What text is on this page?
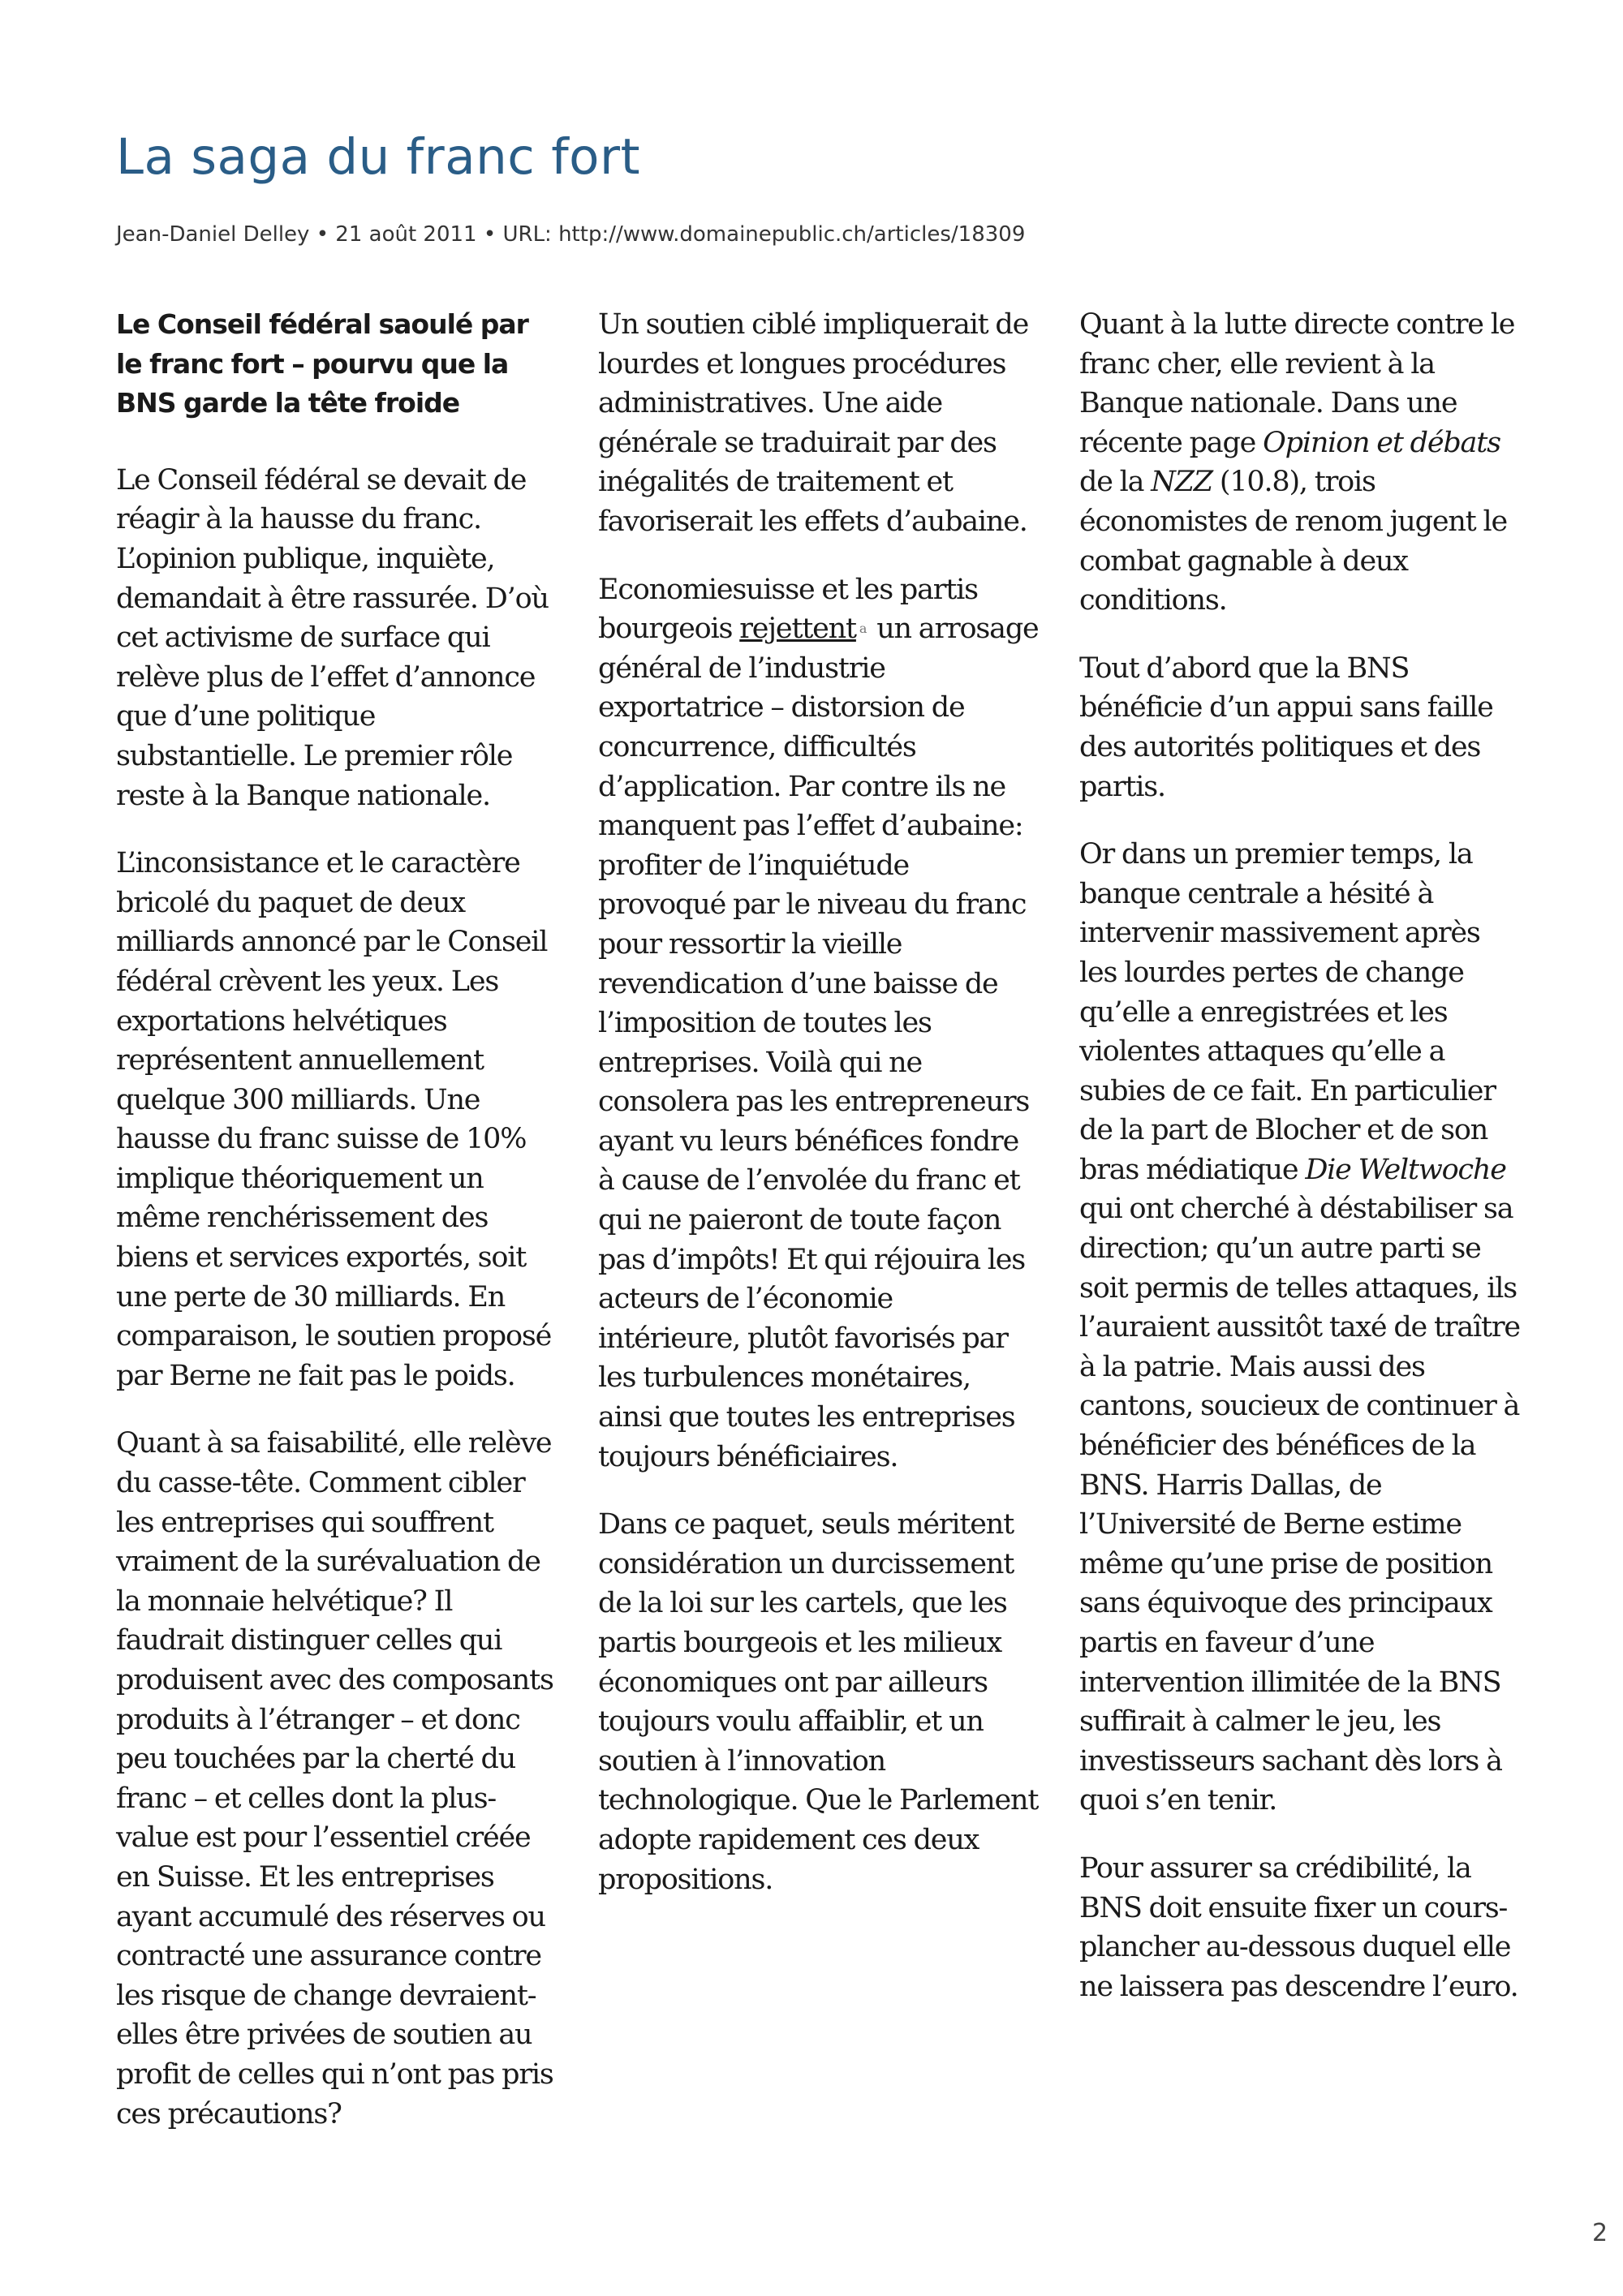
La saga du franc fort
Jean-Daniel Delley • 21 août 2011 • URL: http://www.domainepublic.ch/articles/18309

Le Conseil fédéral saoulé par le franc fort – pourvu que la BNS garde la tête froide

Le Conseil fédéral se devait de réagir à la hausse du franc. L’opinion publique, inquiète, demandait à être rassurée. D’où cet activisme de surface qui relève plus de l’effet d’annonce que d’une politique substantielle. Le premier rôle reste à la Banque nationale.

L’inconsistance et le caractère bricolé du paquet de deux milliards annoncé par le Conseil fédéral crèvent les yeux. Les exportations helvétiques représentent annuellement quelque 300 milliards. Une hausse du franc suisse de 10% implique théoriquement un même renchérissement des biens et services exportés, soit une perte de 30 milliards. En comparaison, le soutien proposé par Berne ne fait pas le poids.

Quant à sa faisabilité, elle relève du casse-tête. Comment cibler les entreprises qui souffrent vraiment de la surévaluation de la monnaie helvétique? Il faudrait distinguer celles qui produisent avec des composants produits à l’étranger – et donc peu touchées par la cherté du franc – et celles dont la plus-value est pour l’essentiel créée en Suisse. Et les entreprises ayant accumulé des réserves ou contracté une assurance contre les risque de change devraient-elles être privées de soutien au profit de celles qui n’ont pas pris ces précautions?

Un soutien ciblé impliquerait de lourdes et longues procédures administratives. Une aide générale se traduirait par des inégalités de traitement et favoriserait les effets d’aubaine.

Economiesuisse et les partis bourgeois rejettent a un arrosage général de l’industrie exportatrice – distorsion de concurrence, difficultés d’application. Par contre ils ne manquent pas l’effet d’aubaine: profiter de l’inquiétude provoqué par le niveau du franc pour ressortir la vieille revendication d’une baisse de l’imposition de toutes les entreprises. Voilà qui ne consolera pas les entrepreneurs ayant vu leurs bénéfices fondre à cause de l’envolée du franc et qui ne paieront de toute façon pas d’impôts! Et qui réjouira les acteurs de l’économie intérieure, plutôt favorisés par les turbulences monétaires, ainsi que toutes les entreprises toujours bénéficiaires.

Dans ce paquet, seuls méritent considération un durcissement de la loi sur les cartels, que les partis bourgeois et les milieux économiques ont par ailleurs toujours voulu affaiblir, et un soutien à l’innovation technologique. Que le Parlement adopte rapidement ces deux propositions.

Quant à la lutte directe contre le franc cher, elle revient à la Banque nationale. Dans une récente page Opinion et débats de la NZZ (10.8), trois économistes de renom jugent le combat gagnable à deux conditions.

Tout d’abord que la BNS bénéficie d’un appui sans faille des autorités politiques et des partis.

Or dans un premier temps, la banque centrale a hésité à intervenir massivement après les lourdes pertes de change qu’elle a enregistrées et les violentes attaques qu’elle a subies de ce fait. En particulier de la part de Blocher et de son bras médiatique Die Weltwoche qui ont cherché à déstabiliser sa direction; qu’un autre parti se soit permis de telles attaques, ils l’auraient aussitôt taxé de traître à la patrie. Mais aussi des cantons, soucieux de continuer à bénéficier des bénéfices de la BNS. Harris Dallas, de l’Université de Berne estime même qu’une prise de position sans équivoque des principaux partis en faveur d’une intervention illimitée de la BNS suffirait à calmer le jeu, les investisseurs sachant dès lors à quoi s’en tenir.

Pour assurer sa crédibilité, la BNS doit ensuite fixer un cours-plancher au-dessous duquel elle ne laissera pas descendre l’euro.

2
